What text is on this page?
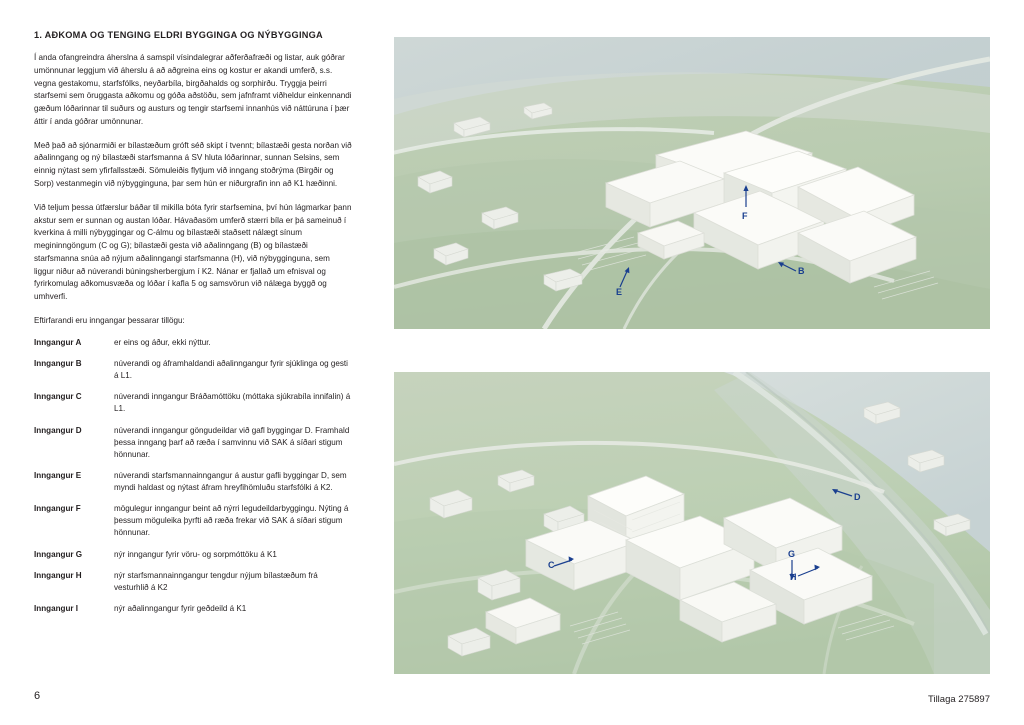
1. AÐKOMA OG TENGING ELDRI BYGGINGA OG NÝBYGGINGA

Í anda ofangreindra áherslna á samspil vísindalegrar aðferðafræði og listar, auk góðrar umönnunar leggjum við áherslu á að aðgreina eins og kostur er akandi umferð, s.s. vegna gestakomu, starfsfólks, neyðarbíla, birgðahalds og sorphirðu. Tryggja þeirri starfsemi sem öruggasta aðkomu og góða aðstöðu, sem jafnframt viðheldur einkennandi gæðum lóðarinnar til suðurs og austurs og tengir starfsemi innanhús við náttúruna í þær áttir í anda góðrar umönnunar.

Með það að sjónarmiði er bílastæðum gróft séð skipt í tvennt; bílastæði gesta norðan við aðalinngang og ný bílastæði starfsmanna á SV hluta lóðarinnar, sunnan Selsins, sem einnig nýtast sem yfirfallsstæði. Sömuleiðis flytjum við inngang stoðrýma (Birgðir og Sorp) vestanmegin við nýbygginguna, þar sem hún er niðurgrafin inn að K1 hæðinni.

Við teljum þessa útfærslur báðar til mikilla bóta fyrir starfsemina, því hún lágmarkar þann akstur sem er sunnan og austan lóðar. Hávaðasöm umferð stærri bíla er þá sameinuð í kverkina á milli nýbyggingar og C-álmu og bílastæði staðsett nálægt sínum megininngöngum (C og G); bílastæði gesta við aðalinngang (B) og bílastæði starfsmanna snúa að nýjum aðalinngangi starfsmanna (H), við nýbygginguna, sem liggur niður að núverandi búningsherbergjum í K2. Nánar er fjallað um efnisval og fyrirkomulag aðkomusvæða og lóðar í kafla 5 og samsvörun við nálæga byggð og umhverfi.

Eftirfarandi eru inngangar þessarar tillögu:

Inngangur A	er eins og áður, ekki nýttur.
Inngangur B	núverandi og áframhaldandi aðalinngangur fyrir sjúklinga og gesti á L1.
Inngangur C	núverandi inngangur Bráðamóttöku (móttaka sjúkrabíla innifalin) á L1.
Inngangur D	núverandi inngangur göngudeildar við gafl byggingar D. Framhald þessa inngang þarf að ræða í samvinnu við SAK á síðari stigum hönnunar.
Inngangur E	núverandi starfsmannainngangur á austur gafli byggingar D, sem myndi haldast og nýtast áfram hreyfihömluðu starfsfólki á K2.
Inngangur F	mögulegur inngangur beint að nýrri legudeildarbyggingu. Nýting á þessum möguleika þyrfti að ræða frekar við SAK á síðari stigum hönnunar.
Inngangur G	nýr inngangur fyrir vöru- og sorpmóttöku á K1
Inngangur H	nýr starfsmannainngangur tengdur nýjum bílastæðum frá vesturhlið á K2
Inngangur I	nýr aðalinngangur fyrir geðdeild á K1
F
B
E
D
G
C
H
6	Tillaga 275897
